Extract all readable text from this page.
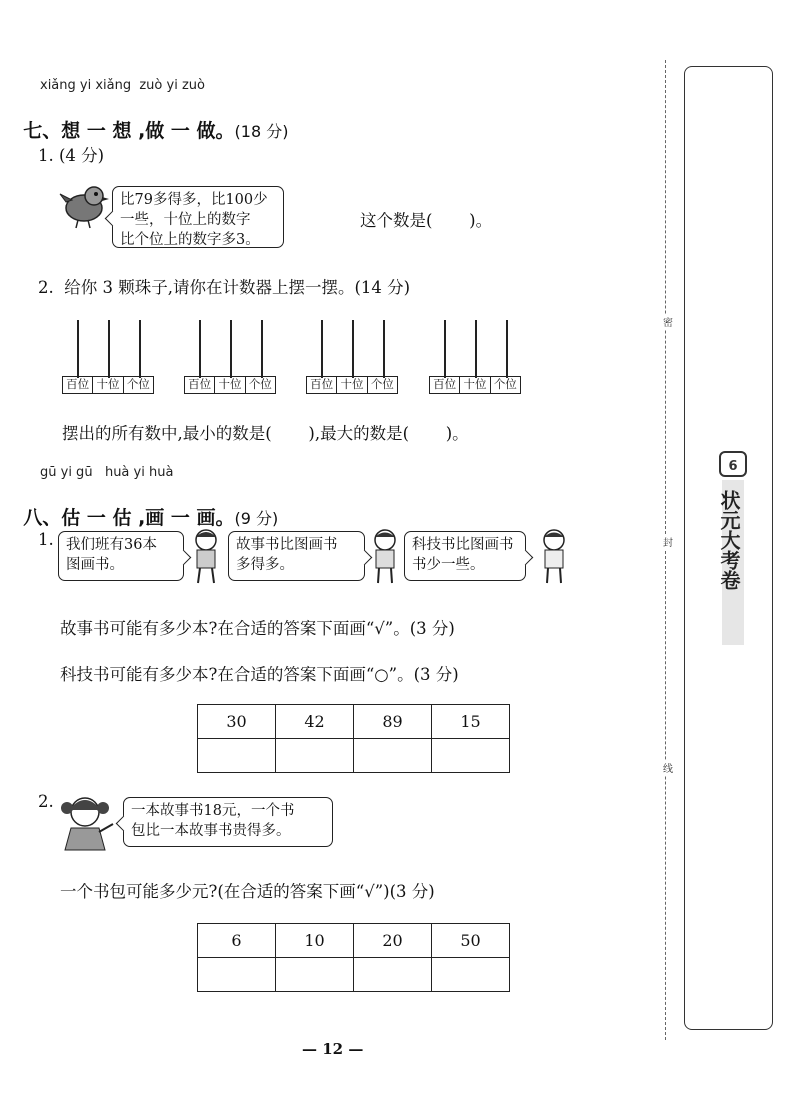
xiǎng yi xiǎng  zuò yi zuò

七、想 一 想 ,做 一 做。(18 分)

1. (4 分)
比79多得多，比100少
一些，十位上的数字
比个位上的数字多3。
这个数是(       )。
2.  给你 3 颗珠子,请你在计数器上摆一摆。(14 分)
百位 十位 个位	百位 十位 个位	百位 十位 个位	百位 十位 个位
摆出的所有数中,最小的数是(       ),最大的数是(       )。
gū yi gū   huà yi huà

八、估 一 估 ,画 一 画。(9 分)

1. 我们班有36本
图画书。
故事书比图画书
多得多。
科技书比图画书
书少一些。
故事书可能有多少本?在合适的答案下面画“√”。(3 分)
科技书可能有多少本?在合适的答案下面画“○”。(3 分)
30	42	89	15

2.	一本故事书18元，一个书
包比一本故事书贵得多。
一个书包可能多少元?(在合适的答案下画“√”)(3 分)
6	10	20	50

— 12 —
密
封
线
6
状元大考卷
